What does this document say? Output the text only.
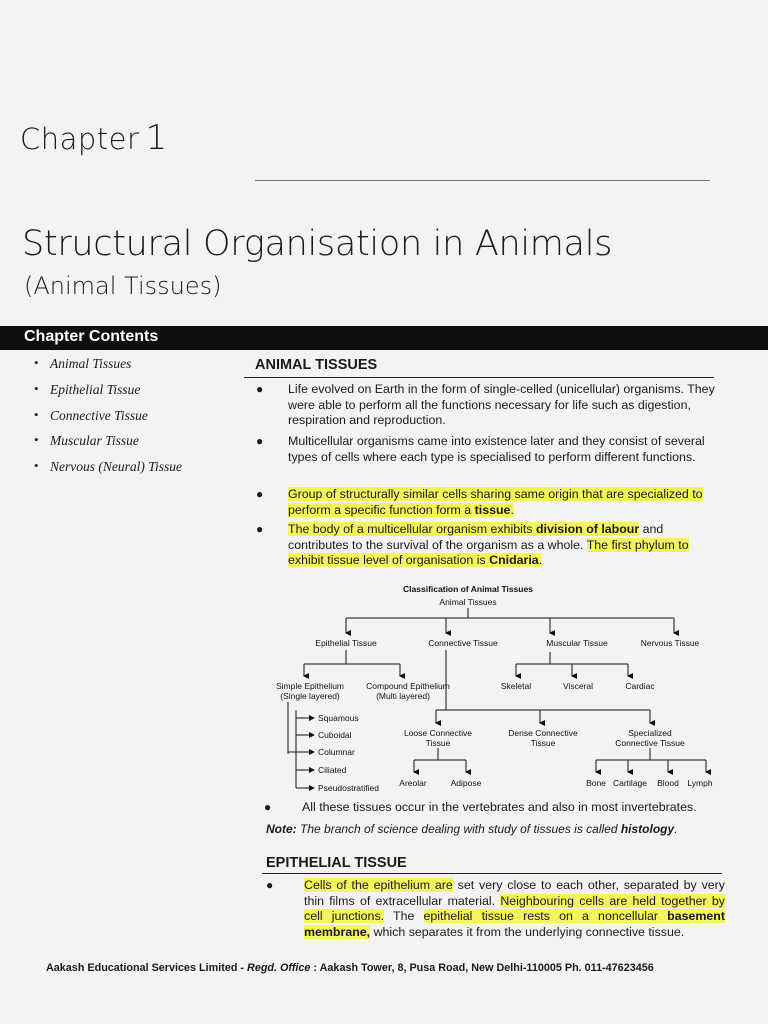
Chapter 1
Structural Organisation in Animals
(Animal Tissues)
Chapter Contents
• Animal Tissues
• Epithelial Tissue
• Connective Tissue
• Muscular Tissue
• Nervous (Neural) Tissue
ANIMAL TISSUES
● Life evolved on Earth in the form of single-celled (unicellular) organisms. They were able to perform all the functions necessary for life such as digestion, respiration and reproduction.
● Multicellular organisms came into existence later and they consist of several types of cells where each type is specialised to perform different functions.
● Group of structurally similar cells sharing same origin that are specialized to perform a specific function form a tissue.
● The body of a multicellular organism exhibits division of labour and contributes to the survival of the organism as a whole. The first phylum to exhibit tissue level of organisation is Cnidaria.
Classification of Animal Tissues
Animal Tissues
Epithelial Tissue	Connective Tissue	Muscular Tissue	Nervous Tissue
Simple Epithelium
(Single layered)
Compound Epithelium
(Multi layered)
Squamous
Cuboidal
Columnar
Ciliated
Pseudostratified
Skeletal	Visceral	Cardiac
Loose Connective
Tissue
Dense Connective
Tissue
Specialized
Connective Tissue
Areolar	Adipose	Bone Cartilage Blood Lymph
● All these tissues occur in the vertebrates and also in most invertebrates.
Note: The branch of science dealing with study of tissues is called histology.
EPITHELIAL TISSUE
● Cells of the epithelium are set very close to each other, separated by very thin films of extracellular material. Neighbouring cells are held together by cell junctions. The epithelial tissue rests on a noncellular basement membrane, which separates it from the underlying connective tissue.
Aakash Educational Services Limited - Regd. Office : Aakash Tower, 8, Pusa Road, New Delhi-110005 Ph. 011-47623456
